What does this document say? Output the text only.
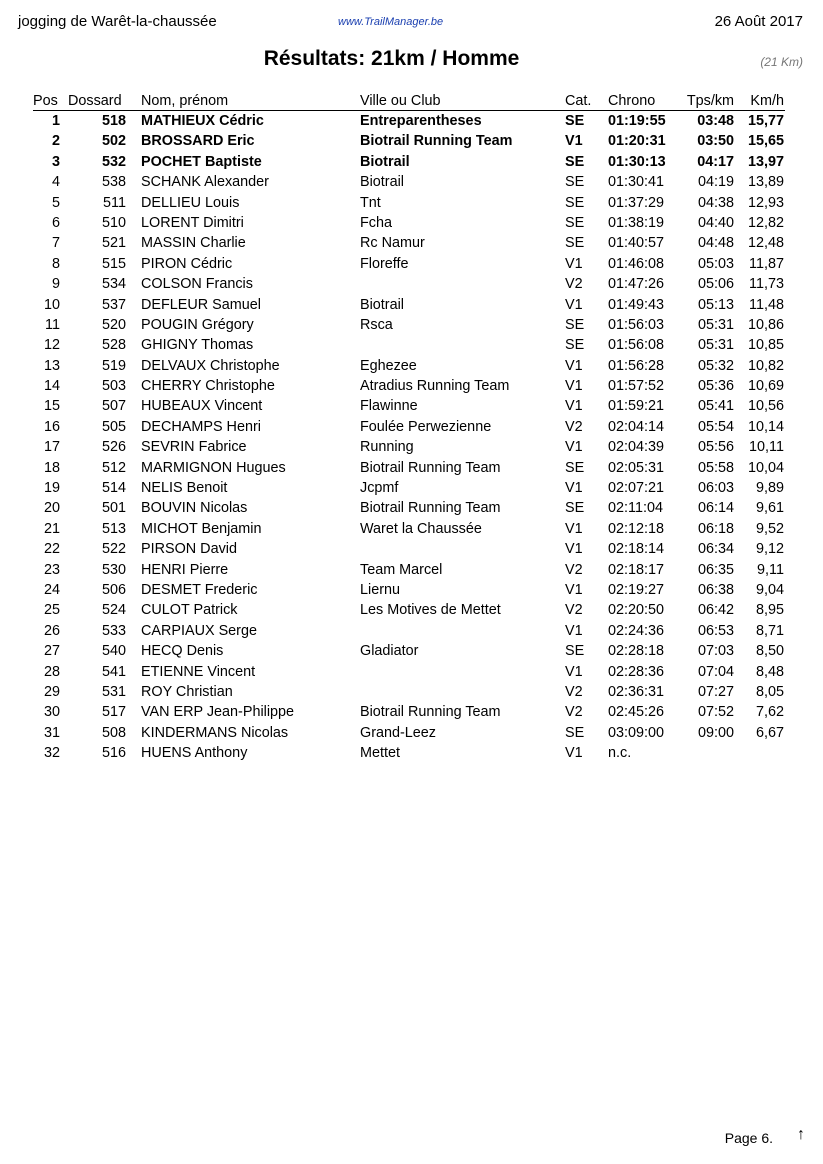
jogging de Warêt-la-chaussée	www.TrailManager.be	26 Août 2017
Résultats: 21km / Homme	(21 Km)
Pos Dossard	Nom, prénom	Ville ou Club	Cat.	Chrono	Tps/km	Km/h
1	518 MATHIEUX Cédric	Entreparentheses	SE	01:19:55	03:48 15,77
2	502 BROSSARD Eric	Biotrail Running Team	V1	01:20:31	03:50 15,65
3	532 POCHET Baptiste	Biotrail	SE	01:30:13	04:17 13,97
4	538 SCHANK Alexander	Biotrail	SE	01:30:41	04:19 13,89
5	511 DELLIEU Louis	Tnt	SE	01:37:29	04:38 12,93
6	510 LORENT Dimitri	Fcha	SE	01:38:19	04:40 12,82
7	521 MASSIN Charlie	Rc Namur	SE	01:40:57	04:48 12,48
8	515 PIRON Cédric	Floreffe	V1	01:46:08	05:03	11,87
9	534 COLSON Francis	V2	01:47:26	05:06	11,73
10	537 DEFLEUR Samuel	Biotrail	V1	01:49:43	05:13	11,48
11	520 POUGIN Grégory	Rsca	SE	01:56:03	05:31 10,86
12	528 GHIGNY Thomas	SE	01:56:08	05:31 10,85
13	519 DELVAUX Christophe	Eghezee	V1	01:56:28	05:32 10,82
14	503 CHERRY Christophe	Atradius Running Team	V1	01:57:52	05:36 10,69
15	507 HUBEAUX Vincent	Flawinne	V1	01:59:21	05:41 10,56
16	505 DECHAMPS Henri	Foulée Perwezienne	V2	02:04:14	05:54 10,14
17	526 SEVRIN Fabrice	Running	V1	02:04:39	05:56	10,11
18	512 MARMIGNON Hugues	Biotrail Running Team	SE	02:05:31	05:58 10,04
19	514 NELIS Benoit	Jcpmf	V1	02:07:21	06:03	9,89
20	501 BOUVIN Nicolas	Biotrail Running Team	SE	02:11:04	06:14	9,61
21	513 MICHOT Benjamin	Waret la Chaussée	V1	02:12:18	06:18	9,52
22	522 PIRSON David	V1	02:18:14	06:34	9,12
23	530 HENRI Pierre	Team Marcel	V2	02:18:17	06:35	9,11
24	506 DESMET Frederic	Liernu	V1	02:19:27	06:38	9,04
25	524 CULOT Patrick	Les Motives de Mettet	V2	02:20:50	06:42	8,95
26	533 CARPIAUX Serge	V1	02:24:36	06:53	8,71
27	540 HECQ Denis	Gladiator	SE	02:28:18	07:03	8,50
28	541 ETIENNE Vincent	V1	02:28:36	07:04	8,48
29	531 ROY Christian	V2	02:36:31	07:27	8,05
30	517 VAN ERP Jean-Philippe	Biotrail Running Team	V2	02:45:26	07:52	7,62
31	508 KINDERMANS Nicolas	Grand-Leez	SE	03:09:00	09:00	6,67
32	516 HUENS Anthony	Mettet	V1	n.c.
Page 6. ↑
